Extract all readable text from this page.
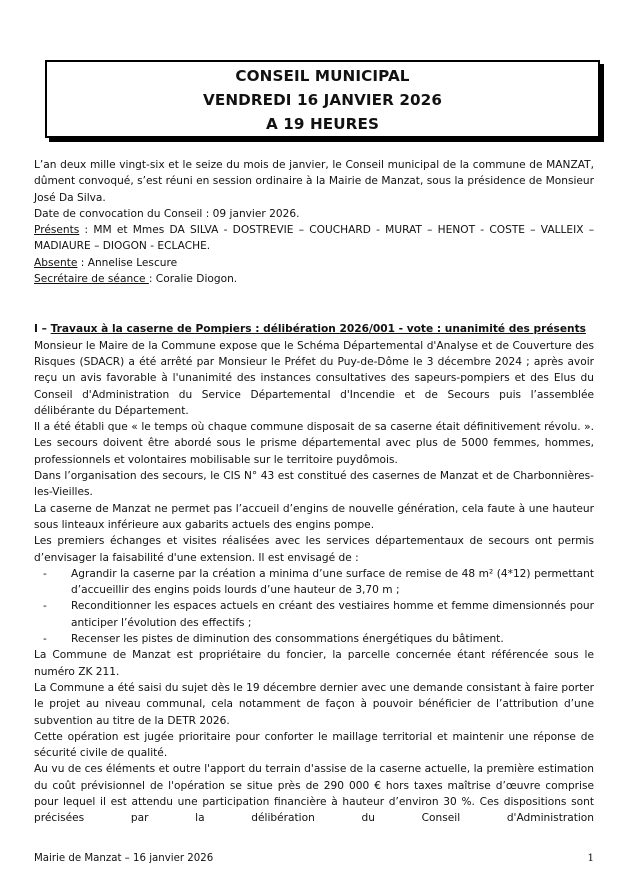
CONSEIL MUNICIPAL
VENDREDI 16 JANVIER 2026
A 19 HEURES

L’an deux mille vingt-six et le seize du mois de janvier, le Conseil municipal de la commune de MANZAT, dûment convoqué, s’est réuni en session ordinaire à la Mairie de Manzat, sous la présidence de Monsieur José Da Silva.

Date de convocation du Conseil : 09 janvier 2026.

Présents : MM et Mmes DA SILVA - DOSTREVIE – COUCHARD - MURAT – HENOT - COSTE – VALLEIX – MADIAURE – DIOGON - ECLACHE.

Absente : Annelise Lescure

Secrétaire de séance : Coralie Diogon.

I – Travaux à la caserne de Pompiers : délibération 2026/001 - vote : unanimité des présents

Monsieur le Maire de la Commune expose que le Schéma Départemental d'Analyse et de Couverture des Risques (SDACR) a été arrêté par Monsieur le Préfet du Puy-de-Dôme le 3 décembre 2024 ; après avoir reçu un avis favorable à l'unanimité des instances consultatives des sapeurs-pompiers et des Elus du Conseil d'Administration du Service Départemental d'Incendie et de Secours puis l’assemblée délibérante du Département.

Il a été établi que « le temps où chaque commune disposait de sa caserne était définitivement révolu. ». Les secours doivent être abordé sous le prisme départemental avec plus de 5000 femmes, hommes, professionnels et volontaires mobilisable sur le territoire puydômois.

Dans l’organisation des secours, le CIS N° 43 est constitué des casernes de Manzat et de Charbonnières-les-Vieilles.

La caserne de Manzat ne permet pas l’accueil d’engins de nouvelle génération, cela faute à une hauteur sous linteaux inférieure aux gabarits actuels des engins pompe.

Les premiers échanges et visites réalisées avec les services départementaux de secours ont permis d’envisager la faisabilité d'une extension. Il est envisagé de :

- Agrandir la caserne par la création a minima d’une surface de remise de 48 m² (4*12) permettant d’accueillir des engins poids lourds d’une hauteur de 3,70 m ;
- Reconditionner les espaces actuels en créant des vestiaires homme et femme dimensionnés pour anticiper l’évolution des effectifs ;
- Recenser les pistes de diminution des consommations énergétiques du bâtiment.

La Commune de Manzat est propriétaire du foncier, la parcelle concernée étant référencée sous le numéro ZK 211.

La Commune a été saisi du sujet dès le 19 décembre dernier avec une demande consistant à faire porter le projet au niveau communal, cela notamment de façon à pouvoir bénéficier de l’attribution d’une subvention au titre de la DETR 2026.

Cette opération est jugée prioritaire pour conforter le maillage territorial et maintenir une réponse de sécurité civile de qualité.

Au vu de ces éléments et outre l'apport du terrain d'assise de la caserne actuelle, la première estimation du coût prévisionnel de l'opération se situe près de 290 000 € hors taxes maîtrise d’œuvre comprise pour lequel il est attendu une participation financière à hauteur d’environ 30 %. Ces dispositions sont précisées par la délibération du Conseil d'Administration

Mairie de Manzat – 16 janvier 2026	1
